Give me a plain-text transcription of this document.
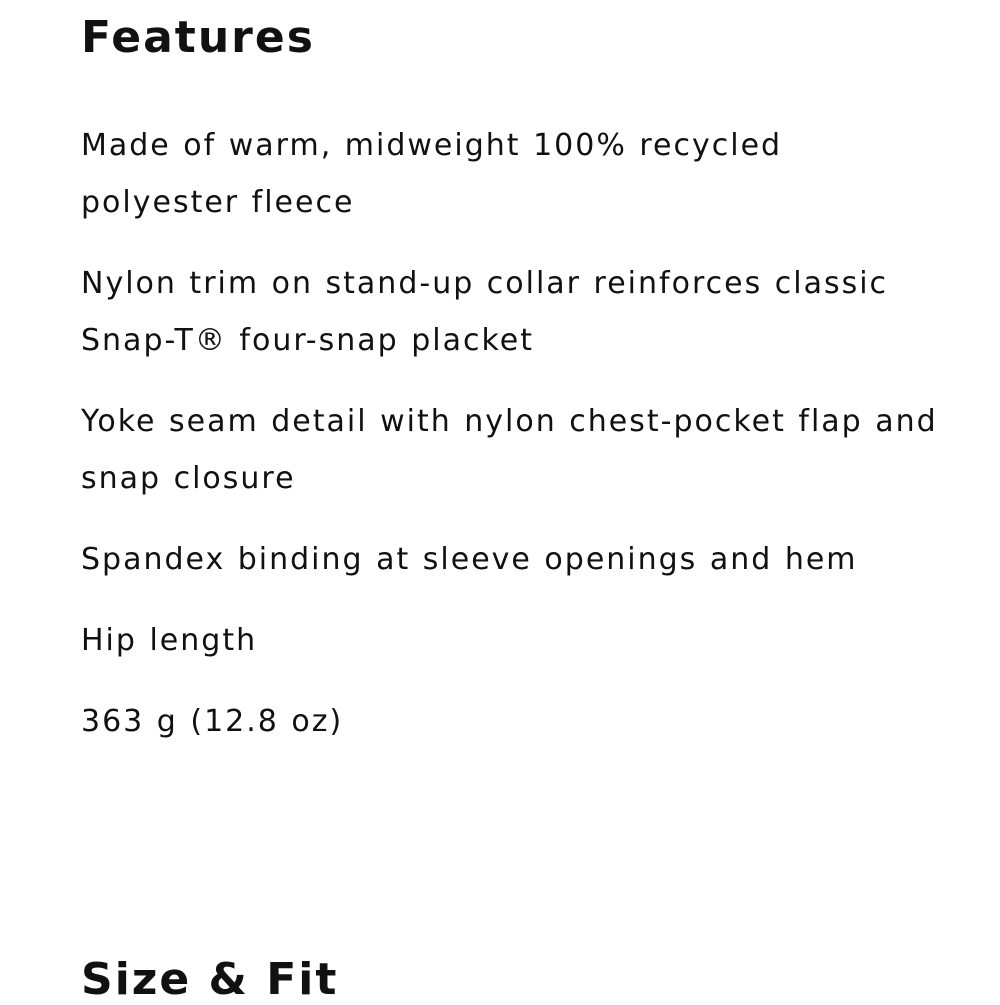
Features
Made of warm, midweight 100% recycled polyester fleece
Nylon trim on stand-up collar reinforces classic Snap-T® four-snap placket
Yoke seam detail with nylon chest-pocket flap and snap closure
Spandex binding at sleeve openings and hem
Hip length
363 g (12.8 oz)
Size & Fit
